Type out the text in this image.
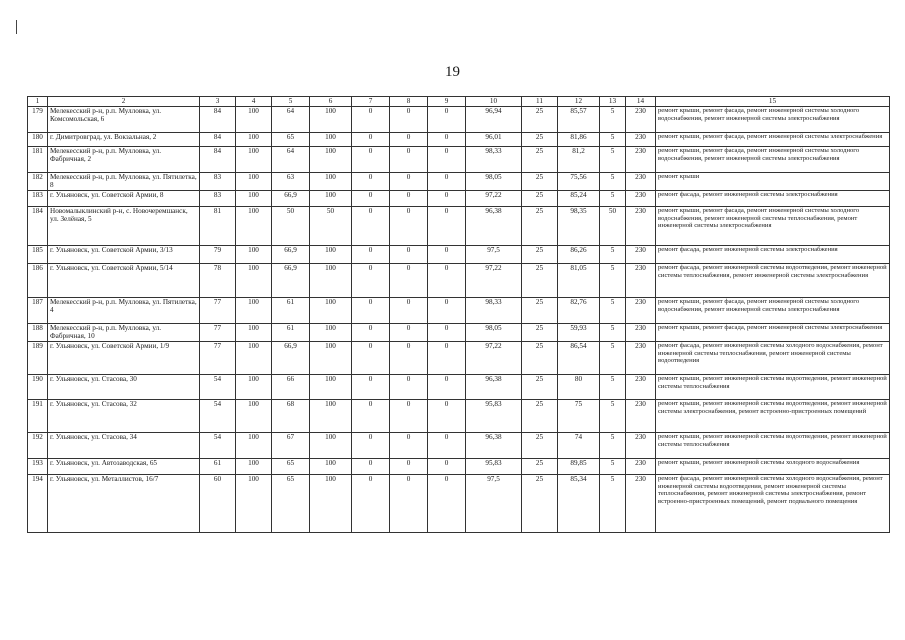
19
1	2	3	4	5	6	7	8	9	10	11	12	13	14	15
179	Мелекесский р-н, р.п. Мулловка, ул. Комсомольская, 6	84	100	64	100	0	0	0	96,94	25	85,57	5	230	ремонт крыши, ремонт фасада, ремонт инженерной системы холодного водоснабжения, ремонт инженерной системы электроснабжения
180	г. Димитровград, ул. Вокзальная, 2	84	100	65	100	0	0	0	96,01	25	81,86	5	230	ремонт крыши, ремонт фасада, ремонт инженерной системы электроснабжения
181	Мелекесский р-н, р.п. Мулловка, ул. Фабричная, 2	84	100	64	100	0	0	0	98,33	25	81,2	5	230	ремонт крыши, ремонт фасада, ремонт инженерной системы холодного водоснабжения, ремонт инженерной системы электроснабжения
182	Мелекесский р-н, р.п. Мулловка, ул. Пятилетка, 8	83	100	63	100	0	0	0	98,05	25	75,56	5	230	ремонт крыши
183	г. Ульяновск, ул. Советской Армии, 8	83	100	66,9	100	0	0	0	97,22	25	85,24	5	230	ремонт фасада, ремонт инженерной системы электроснабжения
184	Новомалыклинский р-н, с. Новочеремшанск, ул. Зелёная, 5	81	100	50	50	0	0	0	96,38	25	98,35	50	230	ремонт крыши, ремонт фасада, ремонт инженерной системы холодного водоснабжения, ремонт инженерной системы теплоснабжения, ремонт инженерной системы электроснабжения
185	г. Ульяновск, ул. Советской Армии, 3/13	79	100	66,9	100	0	0	0	97,5	25	86,26	5	230	ремонт фасада, ремонт инженерной системы электроснабжения
186	г. Ульяновск, ул. Советской Армии, 5/14	78	100	66,9	100	0	0	0	97,22	25	81,05	5	230	ремонт фасада, ремонт инженерной системы водоотведения, ремонт инженерной системы теплоснабжения, ремонт инженерной системы электроснабжения
187	Мелекесский р-н, р.п. Мулловка, ул. Пятилетка, 4	77	100	61	100	0	0	0	98,33	25	82,76	5	230	ремонт крыши, ремонт фасада, ремонт инженерной системы холодного водоснабжения, ремонт инженерной системы электроснабжения
188	Мелекесский р-н, р.п. Мулловка, ул. Фабричная, 10	77	100	61	100	0	0	0	98,05	25	59,93	5	230	ремонт крыши, ремонт фасада, ремонт инженерной системы электроснабжения
189	г. Ульяновск, ул. Советской Армии, 1/9	77	100	66,9	100	0	0	0	97,22	25	86,54	5	230	ремонт фасада, ремонт инженерной системы холодного водоснабжения, ремонт инженерной системы теплоснабжения, ремонт инженерной системы водоотведения
190	г. Ульяновск, ул. Стасова, 30	54	100	66	100	0	0	0	96,38	25	80	5	230	ремонт крыши, ремонт инженерной системы водоотведения, ремонт инженерной системы теплоснабжения
191	г. Ульяновск, ул. Стасова, 32	54	100	68	100	0	0	0	95,83	25	75	5	230	ремонт крыши, ремонт инженерной системы водоотведения, ремонт инженерной системы электроснабжения, ремонт встроенно-пристроенных помещений
192	г. Ульяновск, ул. Стасова, 34	54	100	67	100	0	0	0	96,38	25	74	5	230	ремонт крыши, ремонт инженерной системы водоотведения, ремонт инженерной системы теплоснабжения
193	г. Ульяновск, ул. Автозаводская, 65	61	100	65	100	0	0	0	95,83	25	89,85	5	230	ремонт крыши, ремонт инженерной системы холодного водоснабжения
194	г. Ульяновск, ул. Металлистов, 16/7	60	100	65	100	0	0	0	97,5	25	85,34	5	230	ремонт фасада, ремонт инженерной системы холодного водоснабжения, ремонт инженерной системы водоотведения, ремонт инженерной системы теплоснабжения, ремонт инженерной системы электроснабжения, ремонт встроенно-пристроенных помещений, ремонт подвального помещения
